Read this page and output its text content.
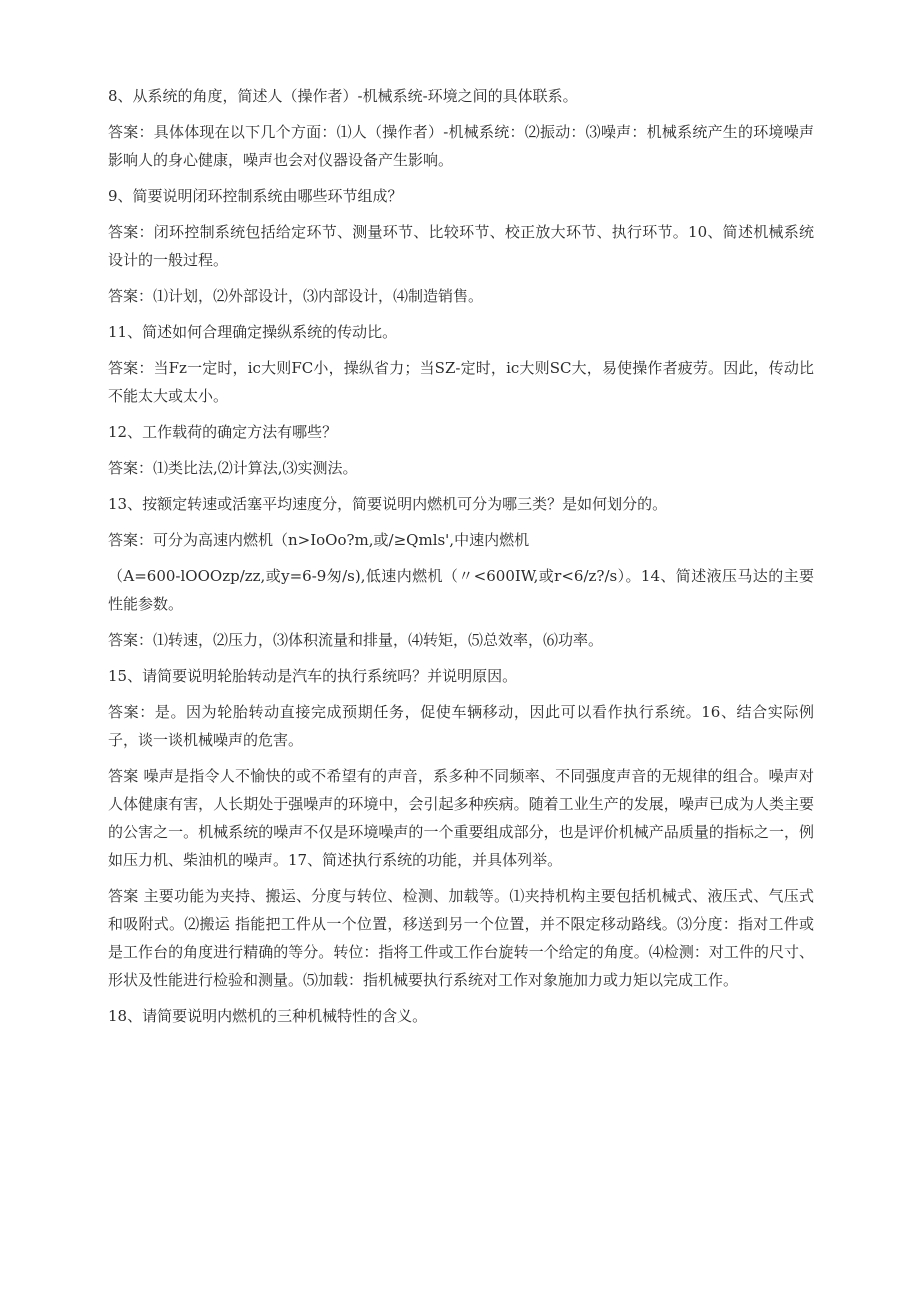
8、从系统的角度，简述人（操作者）-机械系统-环境之间的具体联系。

答案：具体体现在以下几个方面：⑴人（操作者）-机械系统：⑵振动：⑶噪声：机械系统产生的环境噪声影响人的身心健康，噪声也会对仪器设备产生影响。

9、简要说明闭环控制系统由哪些环节组成？

答案：闭环控制系统包括给定环节、测量环节、比较环节、校正放大环节、执行环节。10、简述机械系统设计的一般过程。

答案：⑴计划，⑵外部设计，⑶内部设计，⑷制造销售。

11、简述如何合理确定操纵系统的传动比。

答案：当Fz一定时，ic大则FC小，操纵省力；当SZ-定时，ic大则SC大，易使操作者疲劳。因此，传动比不能太大或太小。

12、工作载荷的确定方法有哪些？

答案：⑴类比法,⑵计算法,⑶实测法。

13、按额定转速或活塞平均速度分，简要说明内燃机可分为哪三类？是如何划分的。

答案：可分为高速内燃机（n>IoOo?m,或/≥Qmls',中速内燃机

（A=600-lOOOzp/zz,或y=6-9匆/s),低速内燃机（〃<600IW,或r<6/z?/s）。14、简述液压马达的主要性能参数。

答案：⑴转速，⑵压力，⑶体积流量和排量，⑷转矩，⑸总效率，⑹功率。

15、请简要说明轮胎转动是汽车的执行系统吗？并说明原因。

答案：是。因为轮胎转动直接完成预期任务，促使车辆移动，因此可以看作执行系统。16、结合实际例子，谈一谈机械噪声的危害。

答案 噪声是指令人不愉快的或不希望有的声音，系多种不同频率、不同强度声音的无规律的组合。噪声对人体健康有害，人长期处于强噪声的环境中，会引起多种疾病。随着工业生产的发展，噪声已成为人类主要的公害之一。机械系统的噪声不仅是环境噪声的一个重要组成部分，也是评价机械产品质量的指标之一，例如压力机、柴油机的噪声。17、简述执行系统的功能，并具体列举。

答案 主要功能为夹持、搬运、分度与转位、检测、加载等。⑴夹持机构主要包括机械式、液压式、气压式和吸附式。⑵搬运 指能把工件从一个位置，移送到另一个位置，并不限定移动路线。⑶分度：指对工件或是工作台的角度进行精确的等分。转位：指将工件或工作台旋转一个给定的角度。⑷检测：对工件的尺寸、形状及性能进行检验和测量。⑸加载：指机械要执行系统对工作对象施加力或力矩以完成工作。

18、请简要说明内燃机的三种机械特性的含义。
